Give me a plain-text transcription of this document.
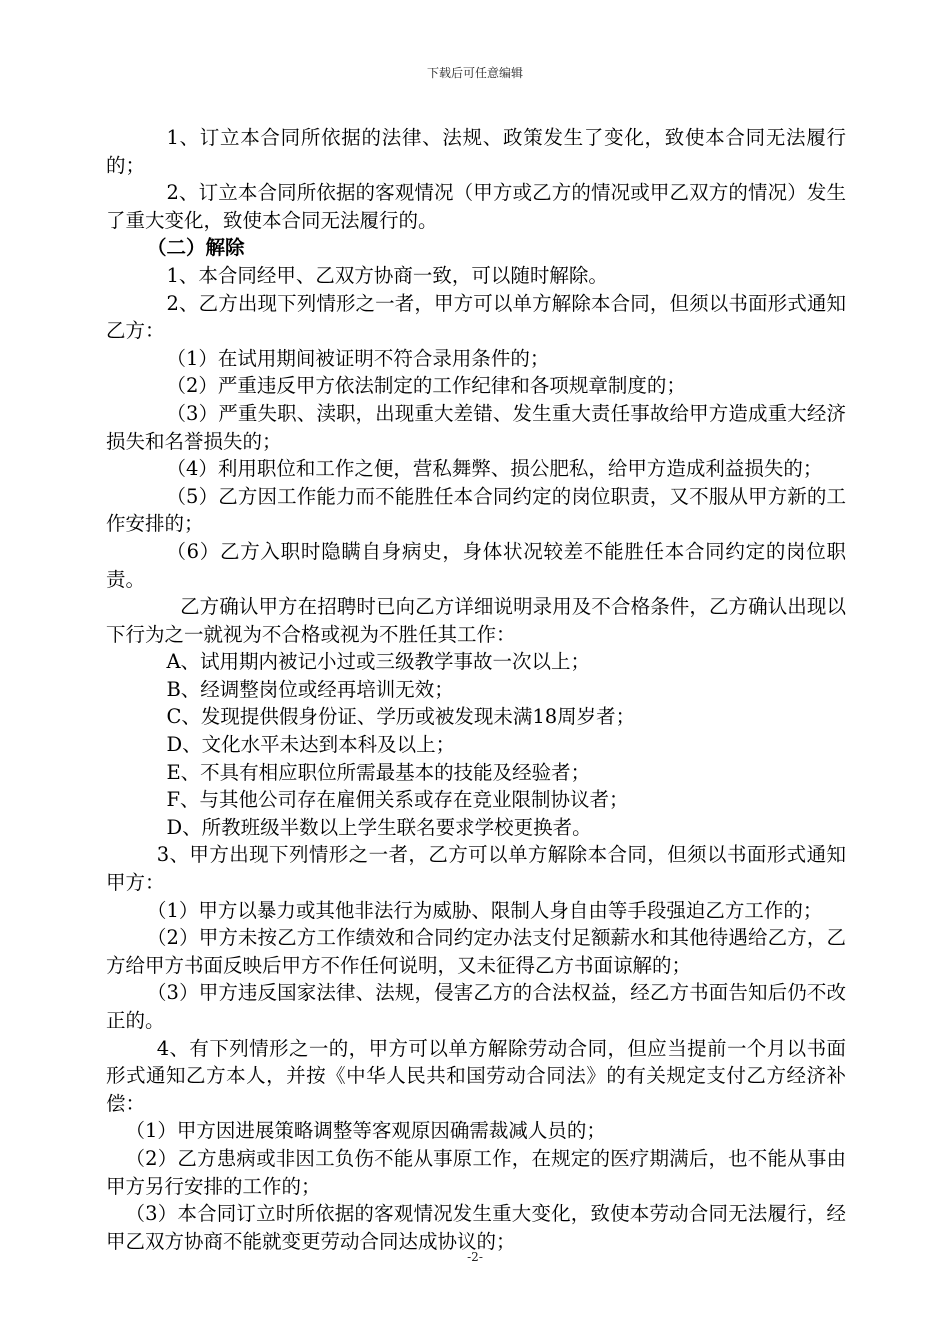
下载后可任意编辑

1、订立本合同所依据的法律、法规、政策发生了变化，致使本合同无法履行的；

2、订立本合同所依据的客观情况（甲方或乙方的情况或甲乙双方的情况）发生了重大变化，致使本合同无法履行的。

（二）解除

1、本合同经甲、乙双方协商一致，可以随时解除。

2、乙方出现下列情形之一者，甲方可以单方解除本合同，但须以书面形式通知乙方：

（1）在试用期间被证明不符合录用条件的；

（2）严重违反甲方依法制定的工作纪律和各项规章制度的；

（3）严重失职、渎职，出现重大差错、发生重大责任事故给甲方造成重大经济损失和名誉损失的；

（4）利用职位和工作之便，营私舞弊、损公肥私，给甲方造成利益损失的；

（5）乙方因工作能力而不能胜任本合同约定的岗位职责，又不服从甲方新的工作安排的；

（6）乙方入职时隐瞒自身病史，身体状况较差不能胜任本合同约定的岗位职责。

乙方确认甲方在招聘时已向乙方详细说明录用及不合格条件，乙方确认出现以下行为之一就视为不合格或视为不胜任其工作：

A、试用期内被记小过或三级教学事故一次以上；

B、经调整岗位或经再培训无效；

C、发现提供假身份证、学历或被发现未满18周岁者；

D、文化水平未达到本科及以上；

E、不具有相应职位所需最基本的技能及经验者；

F、与其他公司存在雇佣关系或存在竞业限制协议者；

D、所教班级半数以上学生联名要求学校更换者。

3、甲方出现下列情形之一者，乙方可以单方解除本合同，但须以书面形式通知甲方：

（1）甲方以暴力或其他非法行为威胁、限制人身自由等手段强迫乙方工作的；

（2）甲方未按乙方工作绩效和合同约定办法支付足额薪水和其他待遇给乙方，乙方给甲方书面反映后甲方不作任何说明，又未征得乙方书面谅解的；

（3）甲方违反国家法律、法规，侵害乙方的合法权益，经乙方书面告知后仍不改正的。

4、有下列情形之一的，甲方可以单方解除劳动合同，但应当提前一个月以书面形式通知乙方本人，并按《中华人民共和国劳动合同法》的有关规定支付乙方经济补偿：

（1）甲方因进展策略调整等客观原因确需裁减人员的；

（2）乙方患病或非因工负伤不能从事原工作，在规定的医疗期满后，也不能从事由甲方另行安排的工作的；

（3）本合同订立时所依据的客观情况发生重大变化，致使本劳动合同无法履行，经甲乙双方协商不能就变更劳动合同达成协议的；

-2-
